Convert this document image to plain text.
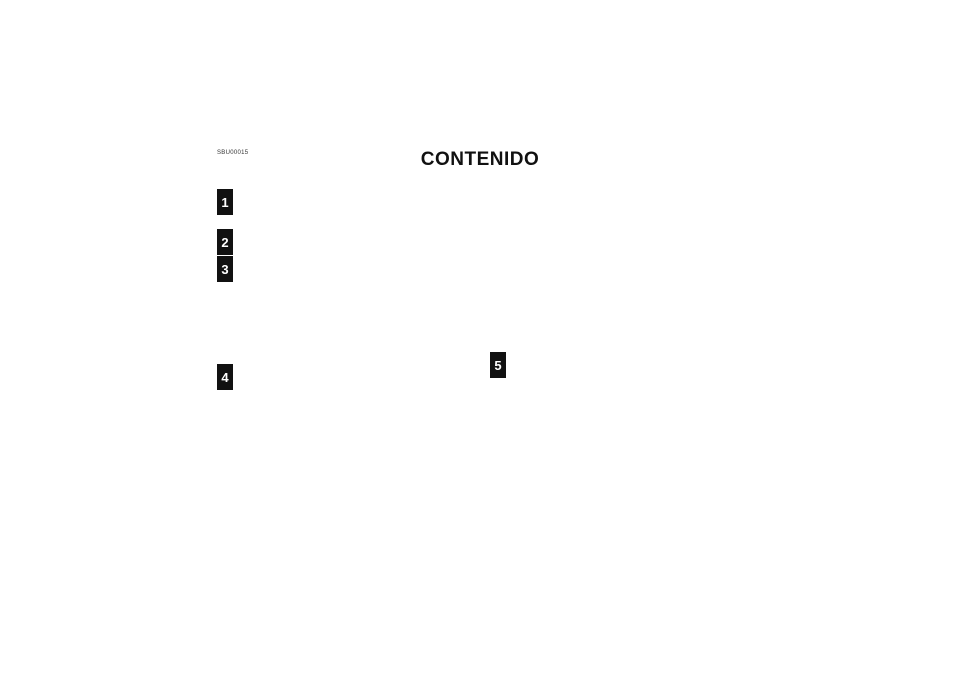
SBU00015	CONTENIDO
1
2
3
4
5
